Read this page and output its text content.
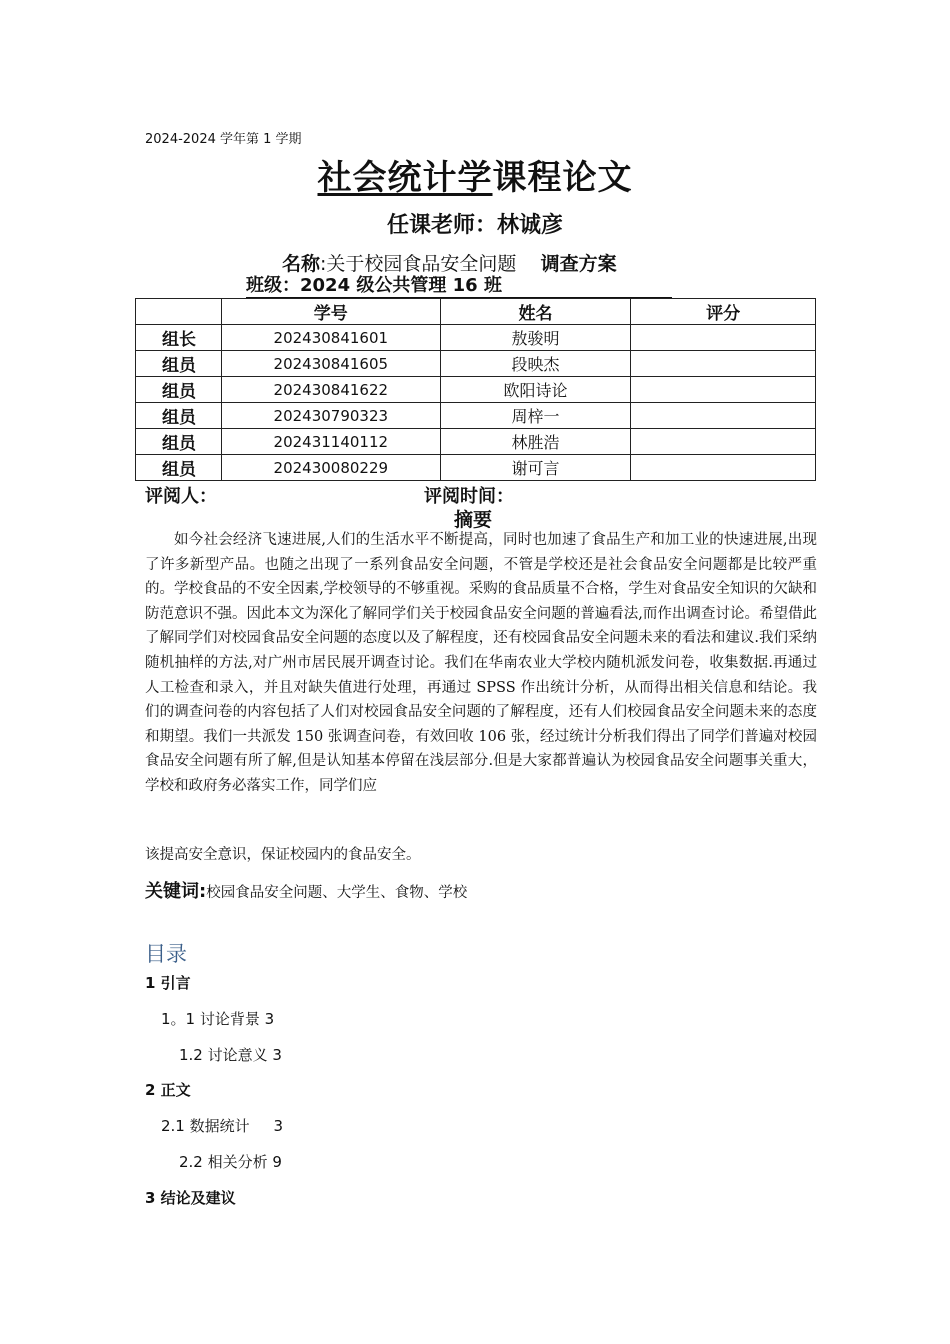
2024-2024 学年第 1 学期
社会统计学课程论文
任课老师：林诚彦
名称:关于校园食品安全问题 调查方案
班级：2024 级公共管理 16 班
	学号	姓名	评分
组长	202430841601	敖骏明	
组员	202430841605	段映杰	
组员	202430841622	欧阳诗论	
组员	202430790323	周梓一	
组员	202431140112	林胜浩	
组员	202430080229	谢可言	
评阅人：	评阅时间：
摘要
如今社会经济飞速进展,人们的生活水平不断提高，同时也加速了食品生产和加工业的快速进展,出现了许多新型产品。也随之出现了一系列食品安全问题，不管是学校还是社会食品安全问题都是比较严重的。学校食品的不安全因素,学校领导的不够重视。采购的食品质量不合格，学生对食品安全知识的欠缺和防范意识不强。因此本文为深化了解同学们关于校园食品安全问题的普遍看法,而作出调查讨论。希望借此了解同学们对校园食品安全问题的态度以及了解程度，还有校园食品安全问题未来的看法和建议.我们采纳随机抽样的方法,对广州市居民展开调查讨论。我们在华南农业大学校内随机派发问卷，收集数据.再通过人工检查和录入，并且对缺失值进行处理，再通过 SPSS 作出统计分析，从而得出相关信息和结论。我们的调查问卷的内容包括了人们对校园食品安全问题的了解程度，还有人们校园食品安全问题未来的态度和期望。我们一共派发 150 张调查问卷，有效回收 106 张，经过统计分析我们得出了同学们普遍对校园食品安全问题有所了解,但是认知基本停留在浅层部分.但是大家都普遍认为校园食品安全问题事关重大，学校和政府务必落实工作，同学们应
该提高安全意识，保证校园内的食品安全。
关键词:校园食品安全问题、大学生、食物、学校
目录
1 引言
1。1 讨论背景 3
1.2 讨论意义 3
2 正文
2.1 数据统计     3
2.2 相关分析 9
3 结论及建议
